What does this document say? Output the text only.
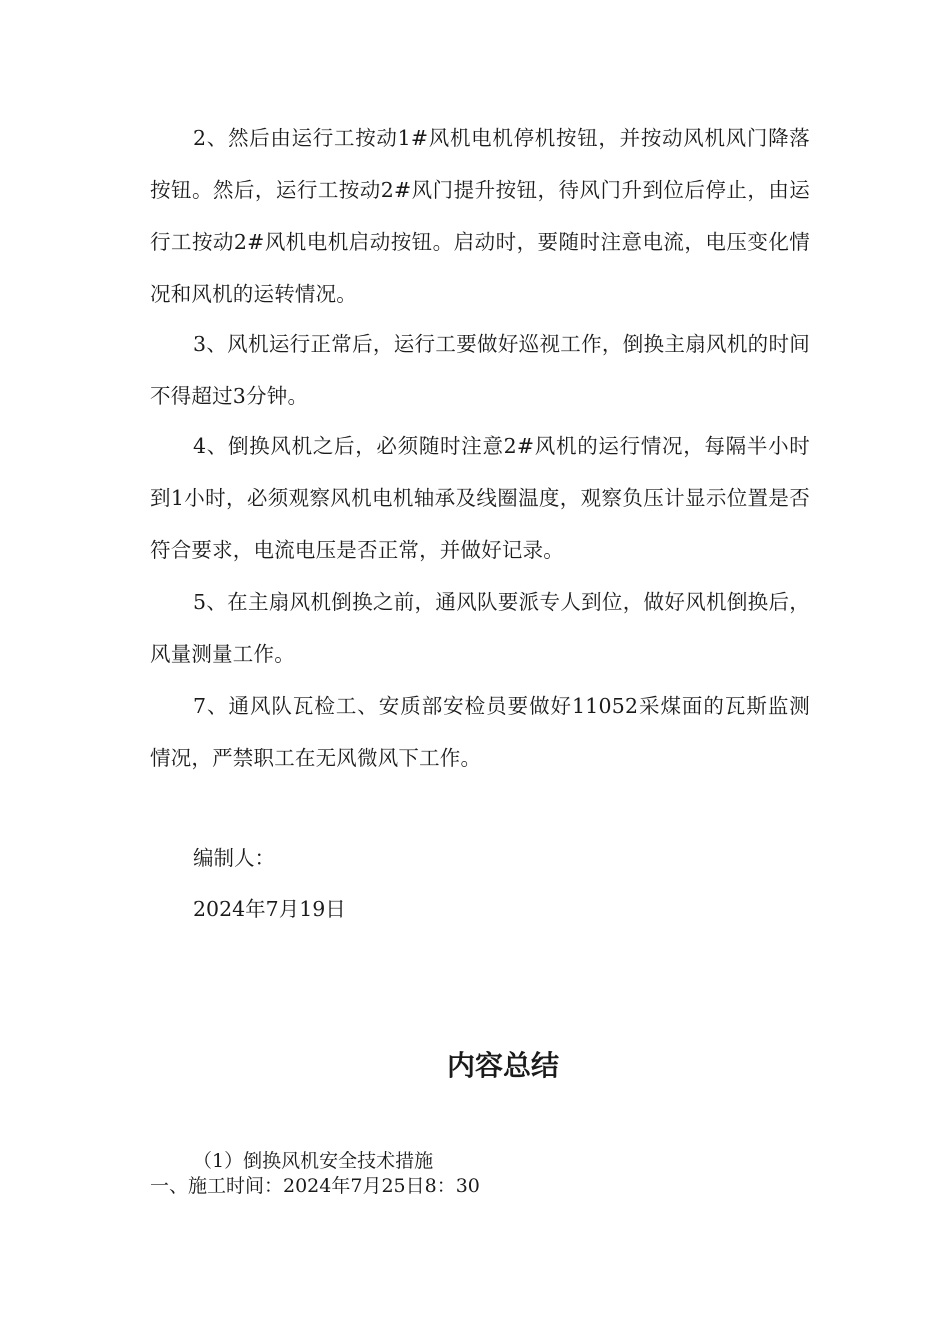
2、然后由运行工按动1#风机电机停机按钮，并按动风机风门降落按钮。然后，运行工按动2#风门提升按钮，待风门升到位后停止，由运行工按动2#风机电机启动按钮。启动时，要随时注意电流，电压变化情况和风机的运转情况。

3、风机运行正常后，运行工要做好巡视工作，倒换主扇风机的时间不得超过3分钟。

4、倒换风机之后，必须随时注意2#风机的运行情况，每隔半小时到1小时，必须观察风机电机轴承及线圈温度，观察负压计显示位置是否符合要求，电流电压是否正常，并做好记录。

5、在主扇风机倒换之前，通风队要派专人到位，做好风机倒换后，风量测量工作。

7、通风队瓦检工、安质部安检员要做好11052采煤面的瓦斯监测情况，严禁职工在无风微风下工作。

编制人：

2024年7月19日

内容总结

（1）倒换风机安全技术措施

一、施工时间：2024年7月25日8：30
